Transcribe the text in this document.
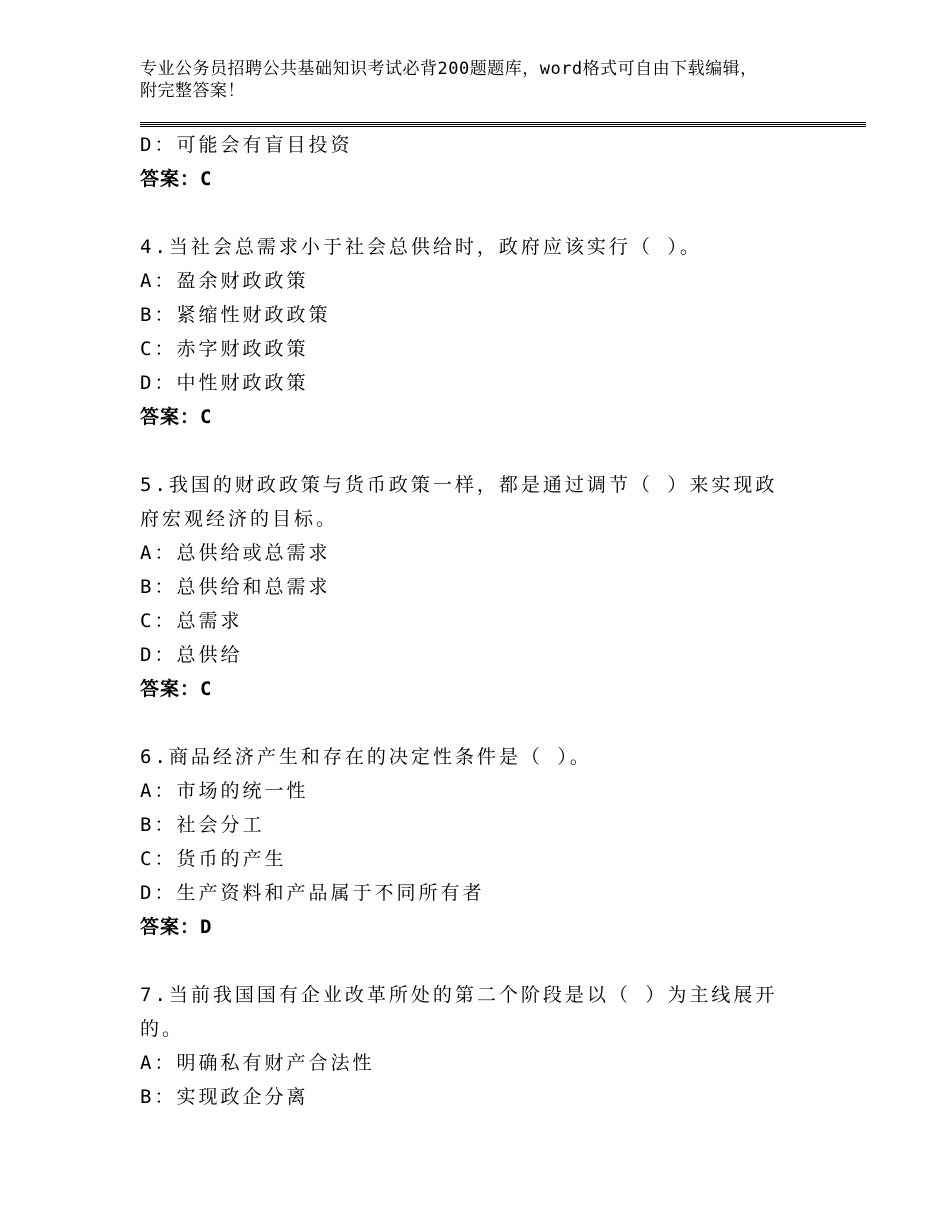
专业公务员招聘公共基础知识考试必背200题题库，word格式可自由下载编辑，
附完整答案！
D：可能会有盲目投资
答案：C
4.当社会总需求小于社会总供给时，政府应该实行（ ）。
A：盈余财政政策
B：紧缩性财政政策
C：赤字财政政策
D：中性财政政策
答案：C
5.我国的财政政策与货币政策一样，都是通过调节（ ）来实现政
府宏观经济的目标。
A：总供给或总需求
B：总供给和总需求
C：总需求
D：总供给
答案：C
6.商品经济产生和存在的决定性条件是（ ）。
A：市场的统一性
B：社会分工
C：货币的产生
D：生产资料和产品属于不同所有者
答案：D
7.当前我国国有企业改革所处的第二个阶段是以（ ）为主线展开
的。
A：明确私有财产合法性
B：实现政企分离
